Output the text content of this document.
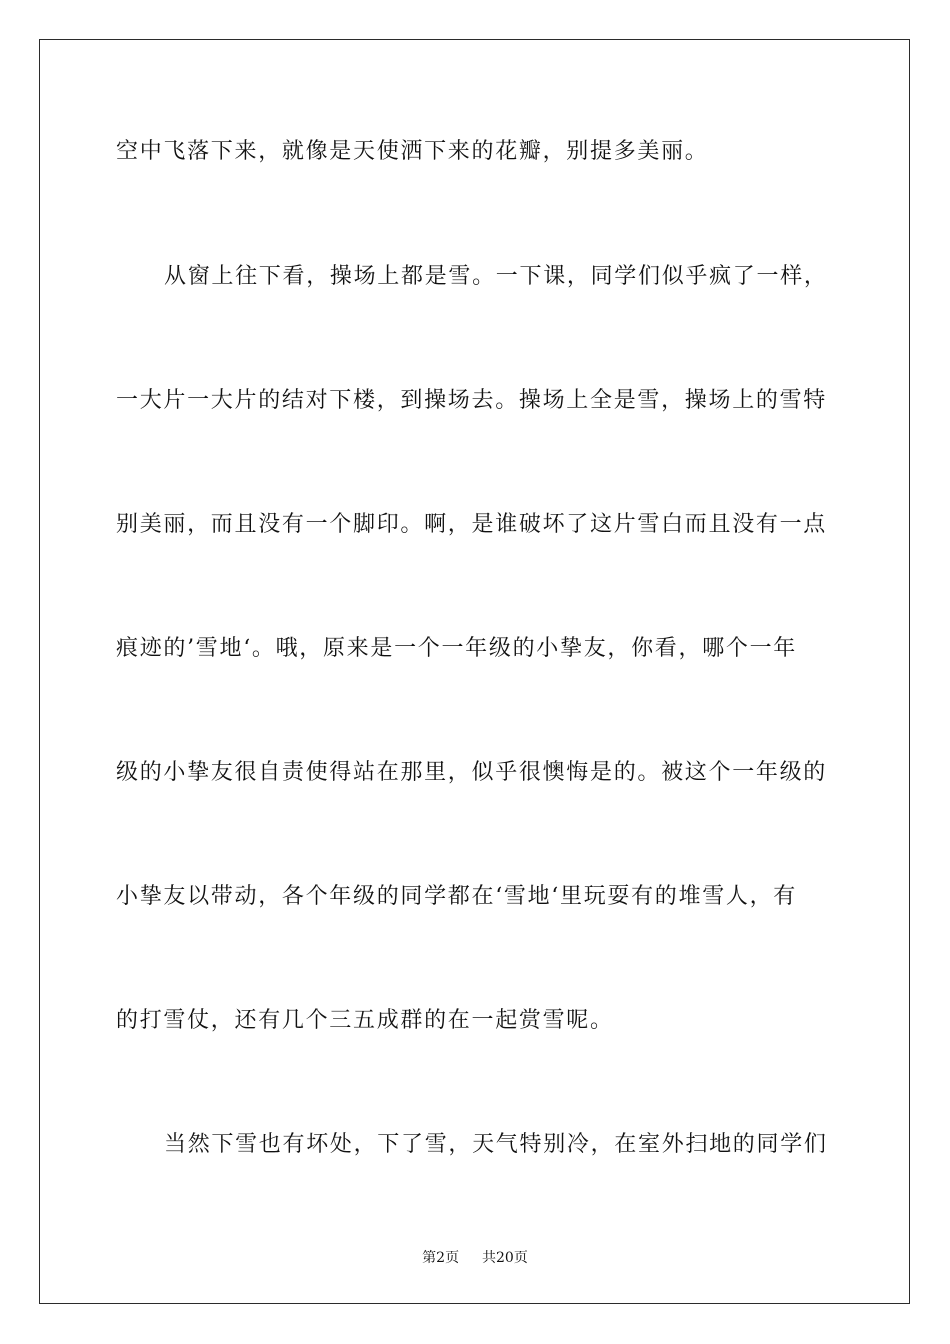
空中飞落下来，就像是天使洒下来的花瓣，别提多美丽。
从窗上往下看，操场上都是雪。一下课，同学们似乎疯了一样，
一大片一大片的结对下楼，到操场去。操场上全是雪，操场上的雪特
别美丽，而且没有一个脚印。啊，是谁破坏了这片雪白而且没有一点
痕迹的’雪地‘。哦，原来是一个一年级的小挚友，你看，哪个一年
级的小挚友很自责使得站在那里，似乎很懊悔是的。被这个一年级的
小挚友以带动，各个年级的同学都在‘雪地‘里玩耍有的堆雪人，有
的打雪仗，还有几个三五成群的在一起赏雪呢。
当然下雪也有坏处，下了雪，天气特别冷，在室外扫地的同学们
第2页 共20页
